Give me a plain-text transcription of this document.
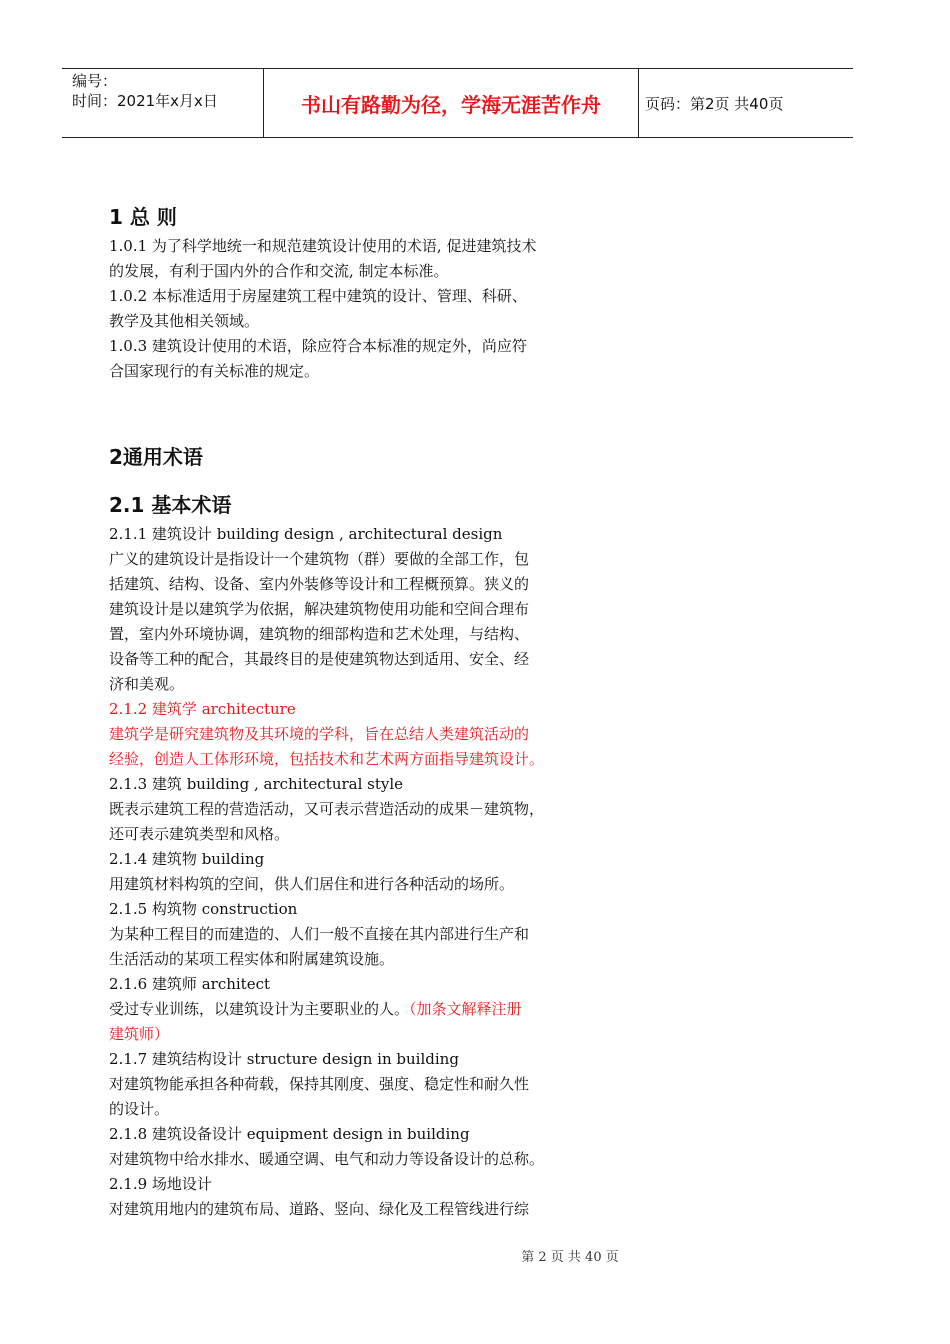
编号：
时间：2021年x月x日	书山有路勤为径，学海无涯苦作舟	页码：第2页 共40页
1 总 则

1.0.1 为了科学地统一和规范建筑设计使用的术语, 促进建筑技术

的发展，有利于国内外的合作和交流, 制定本标准。

1.0.2 本标准适用于房屋建筑工程中建筑的设计、管理、科研、

教学及其他相关领域。

1.0.3 建筑设计使用的术语，除应符合本标准的规定外，尚应符

合国家现行的有关标准的规定。

2通用术语
2.1 基本术语

2.1.1 建筑设计 building design , architectural design

广义的建筑设计是指设计一个建筑物（群）要做的全部工作，包

括建筑、结构、设备、室内外装修等设计和工程概预算。狭义的

建筑设计是以建筑学为依据，解决建筑物使用功能和空间合理布

置，室内外环境协调，建筑物的细部构造和艺术处理，与结构、

设备等工种的配合，其最终目的是使建筑物达到适用、安全、经

济和美观。

2.1.2 建筑学 architecture

建筑学是研究建筑物及其环境的学科，旨在总结人类建筑活动的

经验，创造人工体形环境，包括技术和艺术两方面指导建筑设计。

2.1.3 建筑 building , architectural style

既表示建筑工程的营造活动，又可表示营造活动的成果－建筑物，

还可表示建筑类型和风格。

2.1.4 建筑物 building

用建筑材料构筑的空间，供人们居住和进行各种活动的场所。

2.1.5 构筑物 construction

为某种工程目的而建造的、人们一般不直接在其内部进行生产和

生活活动的某项工程实体和附属建筑设施。

2.1.6 建筑师 architect

受过专业训练，以建筑设计为主要职业的人。（加条文解释注册

建筑师）

2.1.7 建筑结构设计 structure design in building

对建筑物能承担各种荷载，保持其刚度、强度、稳定性和耐久性

的设计。

2.1.8 建筑设备设计 equipment design in building

对建筑物中给水排水、暖通空调、电气和动力等设备设计的总称。

2.1.9 场地设计

对建筑用地内的建筑布局、道路、竖向、绿化及工程管线进行综

第 2 页 共 40 页
